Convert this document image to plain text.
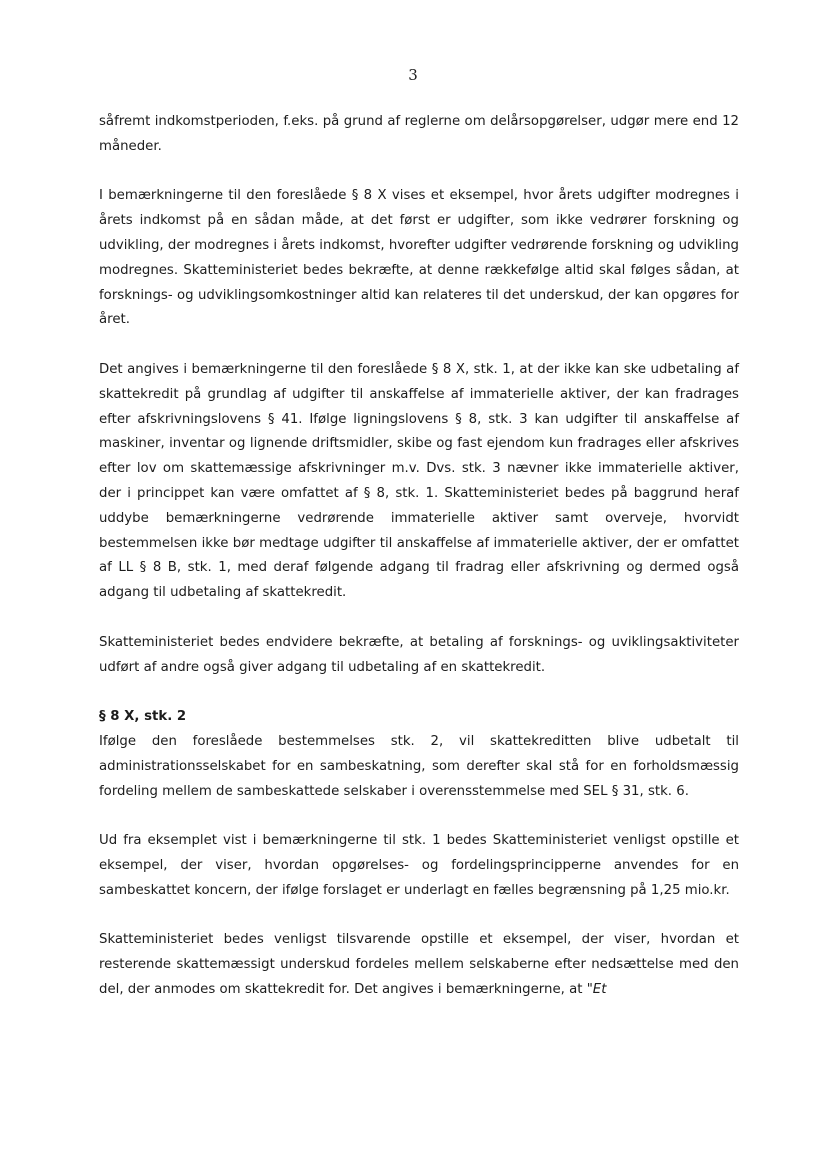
3

såfremt indkomstperioden, f.eks. på grund af reglerne om delårsopgørelser, udgør mere end 12 måneder.

I bemærkningerne til den foreslåede § 8 X vises et eksempel, hvor årets udgifter modregnes i årets indkomst på en sådan måde, at det først er udgifter, som ikke vedrører forskning og udvikling, der modregnes i årets indkomst, hvorefter udgifter vedrørende forskning og udvikling modregnes. Skatteministeriet bedes bekræfte, at denne rækkefølge altid skal følges sådan, at forsknings- og udviklingsomkostninger altid kan relateres til det underskud, der kan opgøres for året.

Det angives i bemærkningerne til den foreslåede § 8 X, stk. 1, at der ikke kan ske udbetaling af skattekredit på grundlag af udgifter til anskaffelse af immaterielle aktiver, der kan fradrages efter afskrivningslovens § 41. Ifølge ligningslovens § 8, stk. 3 kan udgifter til anskaffelse af maskiner, inventar og lignende driftsmidler, skibe og fast ejendom kun fradrages eller afskrives efter lov om skattemæssige afskrivninger m.v. Dvs. stk. 3 nævner ikke immaterielle aktiver, der i princippet kan være omfattet af § 8, stk. 1. Skatteministeriet bedes på baggrund heraf uddybe bemærkningerne vedrørende immaterielle aktiver samt overveje, hvorvidt bestemmelsen ikke bør medtage udgifter til anskaffelse af immaterielle aktiver, der er omfattet af LL § 8 B, stk. 1, med deraf følgende adgang til fradrag eller afskrivning og dermed også adgang til udbetaling af skattekredit.

Skatteministeriet bedes endvidere bekræfte, at betaling af forsknings- og uviklingsaktiviteter udført af andre også giver adgang til udbetaling af en skattekredit.

§ 8 X, stk. 2

Ifølge den foreslåede bestemmelses stk. 2, vil skattekreditten blive udbetalt til administrationsselskabet for en sambeskatning, som derefter skal stå for en forholdsmæssig fordeling mellem de sambeskattede selskaber i overensstemmelse med SEL § 31, stk. 6.

Ud fra eksemplet vist i bemærkningerne til stk. 1 bedes Skatteministeriet venligst opstille et eksempel, der viser, hvordan opgørelses- og fordelingsprincipperne anvendes for en sambeskattet koncern, der ifølge forslaget er underlagt en fælles begrænsning på 1,25 mio.kr.

Skatteministeriet bedes venligst tilsvarende opstille et eksempel, der viser, hvordan et resterende skattemæssigt underskud fordeles mellem selskaberne efter nedsættelse med den del, der anmodes om skattekredit for. Det angives i bemærkningerne, at "Et
